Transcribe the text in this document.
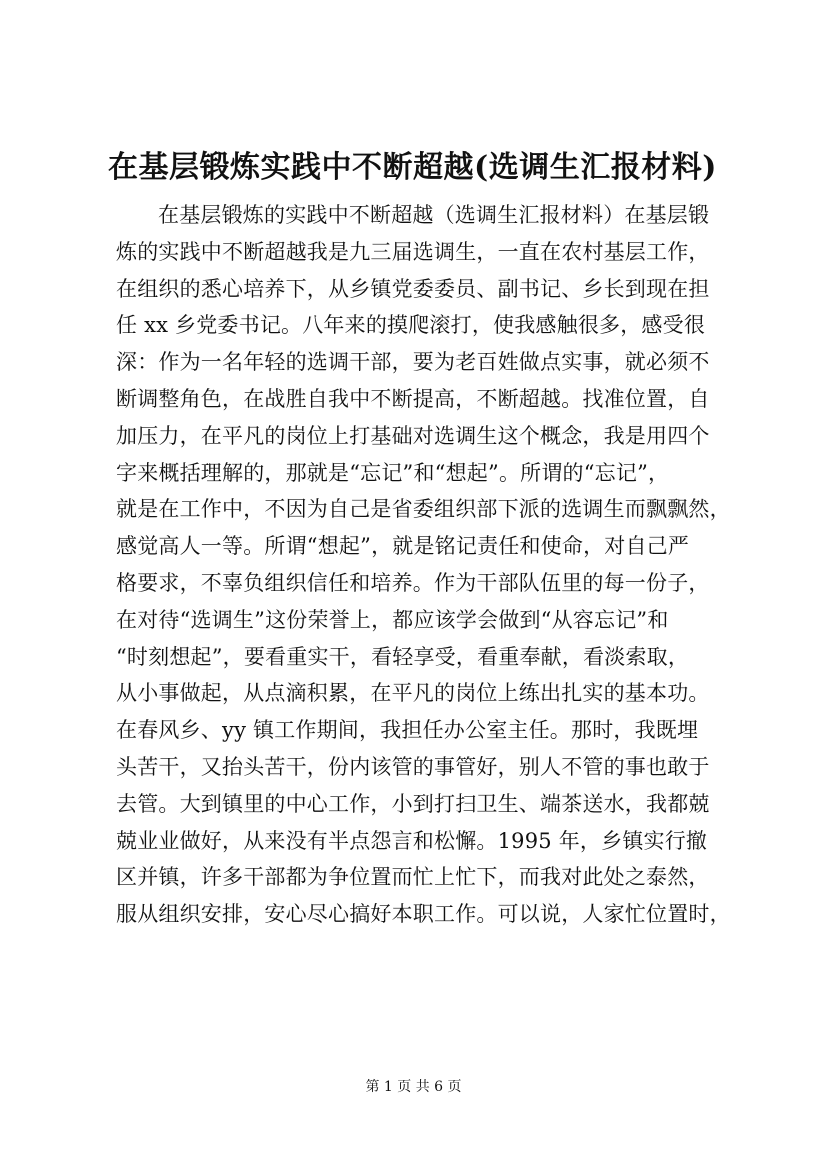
在基层锻炼实践中不断超越(选调生汇报材料)
在基层锻炼的实践中不断超越（选调生汇报材料）在基层锻
炼的实践中不断超越我是九三届选调生，一直在农村基层工作，
在组织的悉心培养下，从乡镇党委委员、副书记、乡长到现在担
任 xx 乡党委书记。八年来的摸爬滚打，使我感触很多，感受很
深：作为一名年轻的选调干部，要为老百姓做点实事，就必须不
断调整角色，在战胜自我中不断提高，不断超越。找准位置，自
加压力，在平凡的岗位上打基础对选调生这个概念，我是用四个
字来概括理解的，那就是“忘记”和“想起”。所谓的“忘记”，
就是在工作中，不因为自己是省委组织部下派的选调生而飘飘然，
感觉高人一等。所谓“想起”，就是铭记责任和使命，对自己严
格要求，不辜负组织信任和培养。作为干部队伍里的每一份子，
在对待“选调生”这份荣誉上，都应该学会做到“从容忘记”和
“时刻想起”，要看重实干，看轻享受，看重奉献，看淡索取，
从小事做起，从点滴积累，在平凡的岗位上练出扎实的基本功。
在春风乡、yy 镇工作期间，我担任办公室主任。那时，我既埋
头苦干，又抬头苦干，份内该管的事管好，别人不管的事也敢于
去管。大到镇里的中心工作，小到打扫卫生、端茶送水，我都兢
兢业业做好，从来没有半点怨言和松懈。1995 年，乡镇实行撤
区并镇，许多干部都为争位置而忙上忙下，而我对此处之泰然，
服从组织安排，安心尽心搞好本职工作。可以说，人家忙位置时，
第 1 页 共 6 页
